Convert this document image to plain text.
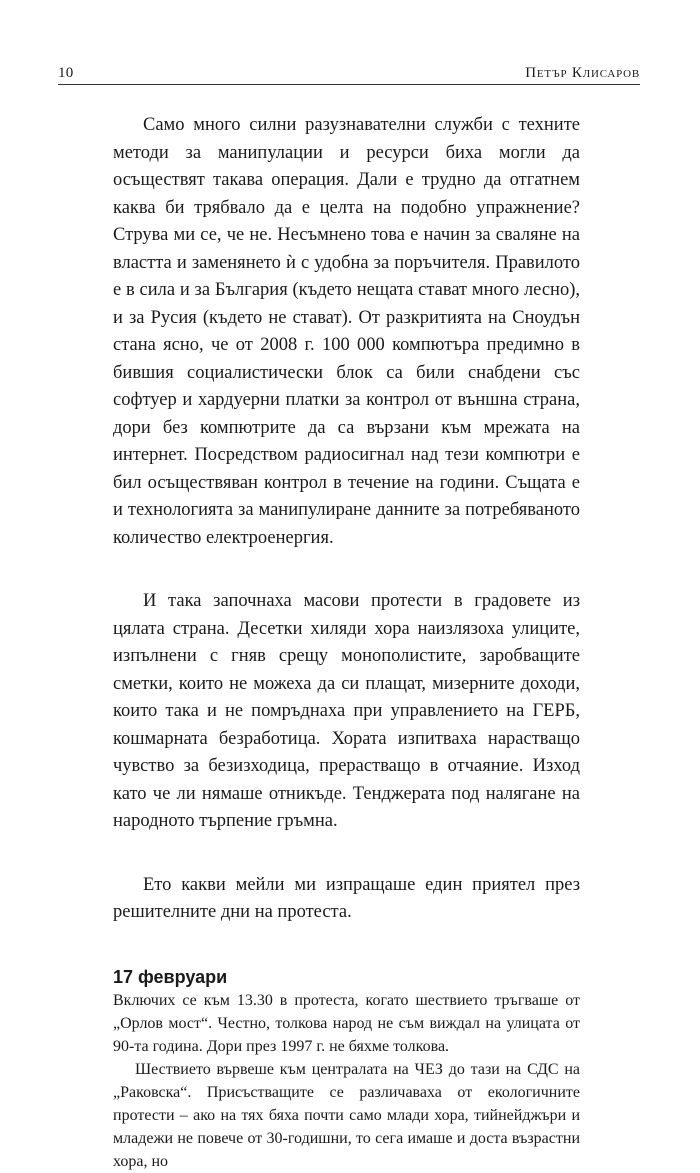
10	Петър Клисаров

Само много силни разузнавателни служби с техните методи за манипулации и ресурси биха могли да осъществят такава операция. Дали е трудно да отгатнем каква би трябвало да е целта на подобно упражнение? Струва ми се, че не. Несъмнено това е начин за сваляне на властта и заменянето ѝ с удобна за поръчителя. Правилото е в сила и за България (където нещата стават много лесно), и за Русия (където не стават). От разкритията на Сноудън стана ясно, че от 2008 г. 100 000 компютъра предимно в бившия социалистически блок са били снабдени със софтуер и хардуерни платки за контрол от външна страна, дори без компютрите да са вързани към мрежата на интернет. Посредством радиосигнал над тези компютри е бил осъществяван контрол в течение на години. Същата е и технологията за манипулиране данните за потребяваното количество електроенергия.

И така започнаха масови протести в градовете из цялата страна. Десетки хиляди хора наизлязоха улиците, изпълнени с гняв срещу монополистите, заробващите сметки, които не можеха да си плащат, мизерните доходи, които така и не помръднаха при управлението на ГЕРБ, кошмарната безработица. Хората изпитваха нарастващо чувство за безизходица, прерастващо в отчаяние. Изход като че ли нямаше отникъде. Тенджерата под налягане на народното търпение гръмна.

Ето какви мейли ми изпращаше един приятел през решителните дни на протеста.

17 февруари

Включих се към 13.30 в протеста, когато шествието тръгваше от „Орлов мост“. Честно, толкова народ не съм виждал на улицата от 90-та година. Дори през 1997 г. не бяхме толкова.

Шествието вървеше към централата на ЧЕЗ до тази на СДС на „Раковска“. Присъстващите се различаваха от екологичните протести – ако на тях бяха почти само млади хора, тийнейджъри и младежи не повече от 30-годишни, то сега имаше и доста възрастни хора, но
